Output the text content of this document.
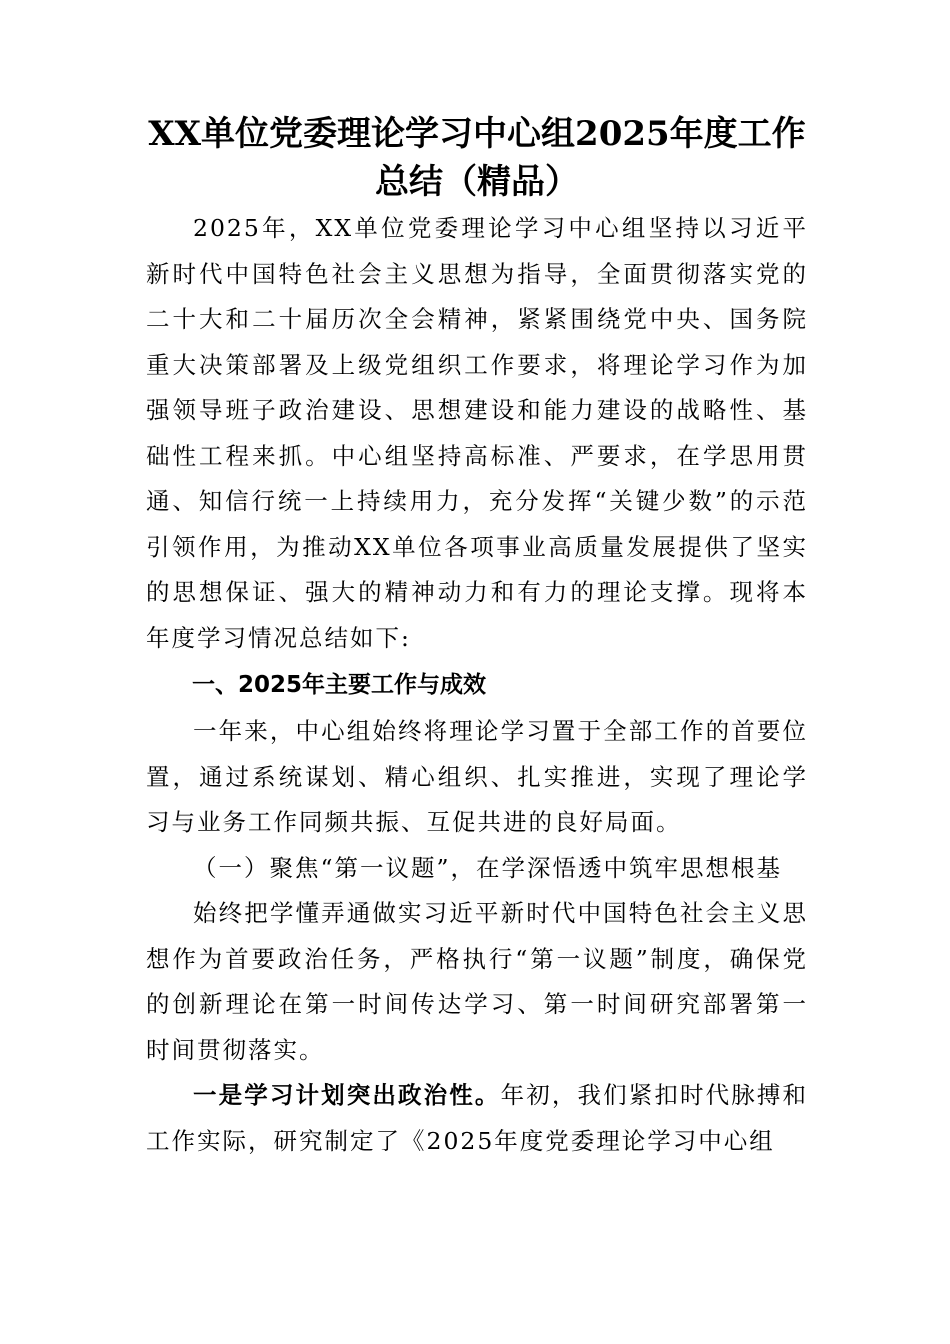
XX单位党委理论学习中心组2025年度工作总结（精品）

2025年，XX单位党委理论学习中心组坚持以习近平新时代中国特色社会主义思想为指导，全面贯彻落实党的二十大和二十届历次全会精神，紧紧围绕党中央、国务院重大决策部署及上级党组织工作要求，将理论学习作为加强领导班子政治建设、思想建设和能力建设的战略性、基础性工程来抓。中心组坚持高标准、严要求，在学思用贯通、知信行统一上持续用力，充分发挥“关键少数”的示范引领作用，为推动XX单位各项事业高质量发展提供了坚实的思想保证、强大的精神动力和有力的理论支撑。现将本年度学习情况总结如下:

一、2025年主要工作与成效

一年来，中心组始终将理论学习置于全部工作的首要位置，通过系统谋划、精心组织、扎实推进，实现了理论学习与业务工作同频共振、互促共进的良好局面。

（一）聚焦“第一议题”，在学深悟透中筑牢思想根基

始终把学懂弄通做实习近平新时代中国特色社会主义思想作为首要政治任务，严格执行“第一议题”制度，确保党的创新理论在第一时间传达学习、第一时间研究部署第一时间贯彻落实。

一是学习计划突出政治性。年初，我们紧扣时代脉搏和工作实际，研究制定了《2025年度党委理论学习中心组
